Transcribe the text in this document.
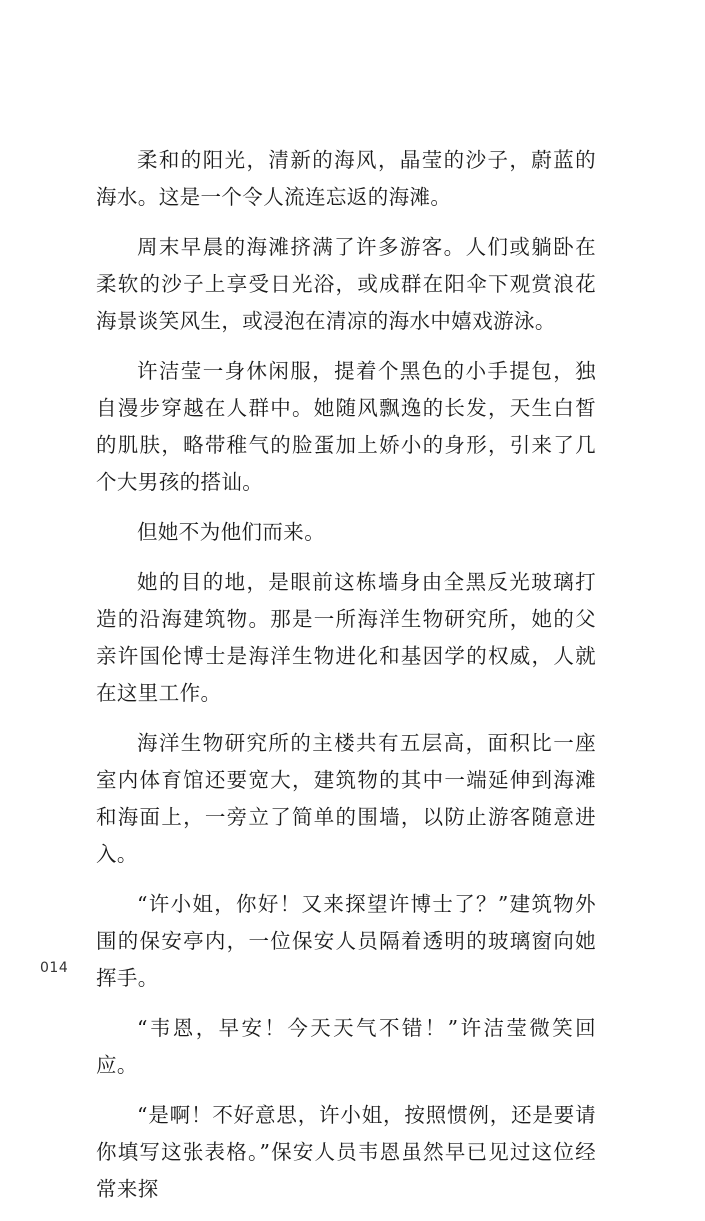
柔和的阳光，清新的海风，晶莹的沙子，蔚蓝的海水。这是一个令人流连忘返的海滩。

周末早晨的海滩挤满了许多游客。人们或躺卧在柔软的沙子上享受日光浴，或成群在阳伞下观赏浪花海景谈笑风生，或浸泡在清凉的海水中嬉戏游泳。

许洁莹一身休闲服，提着个黑色的小手提包，独自漫步穿越在人群中。她随风飘逸的长发，天生白皙的肌肤，略带稚气的脸蛋加上娇小的身形，引来了几个大男孩的搭讪。

但她不为他们而来。

她的目的地，是眼前这栋墙身由全黑反光玻璃打造的沿海建筑物。那是一所海洋生物研究所，她的父亲许国伦博士是海洋生物进化和基因学的权威，人就在这里工作。

海洋生物研究所的主楼共有五层高，面积比一座室内体育馆还要宽大，建筑物的其中一端延伸到海滩和海面上，一旁立了简单的围墙，以防止游客随意进入。

“许小姐，你好！又来探望许博士了？”建筑物外围的保安亭内，一位保安人员隔着透明的玻璃窗向她挥手。

“韦恩，早安！今天天气不错！”许洁莹微笑回应。

“是啊！不好意思，许小姐，按照惯例，还是要请你填写这张表格。”保安人员韦恩虽然早已见过这位经常来探

014
